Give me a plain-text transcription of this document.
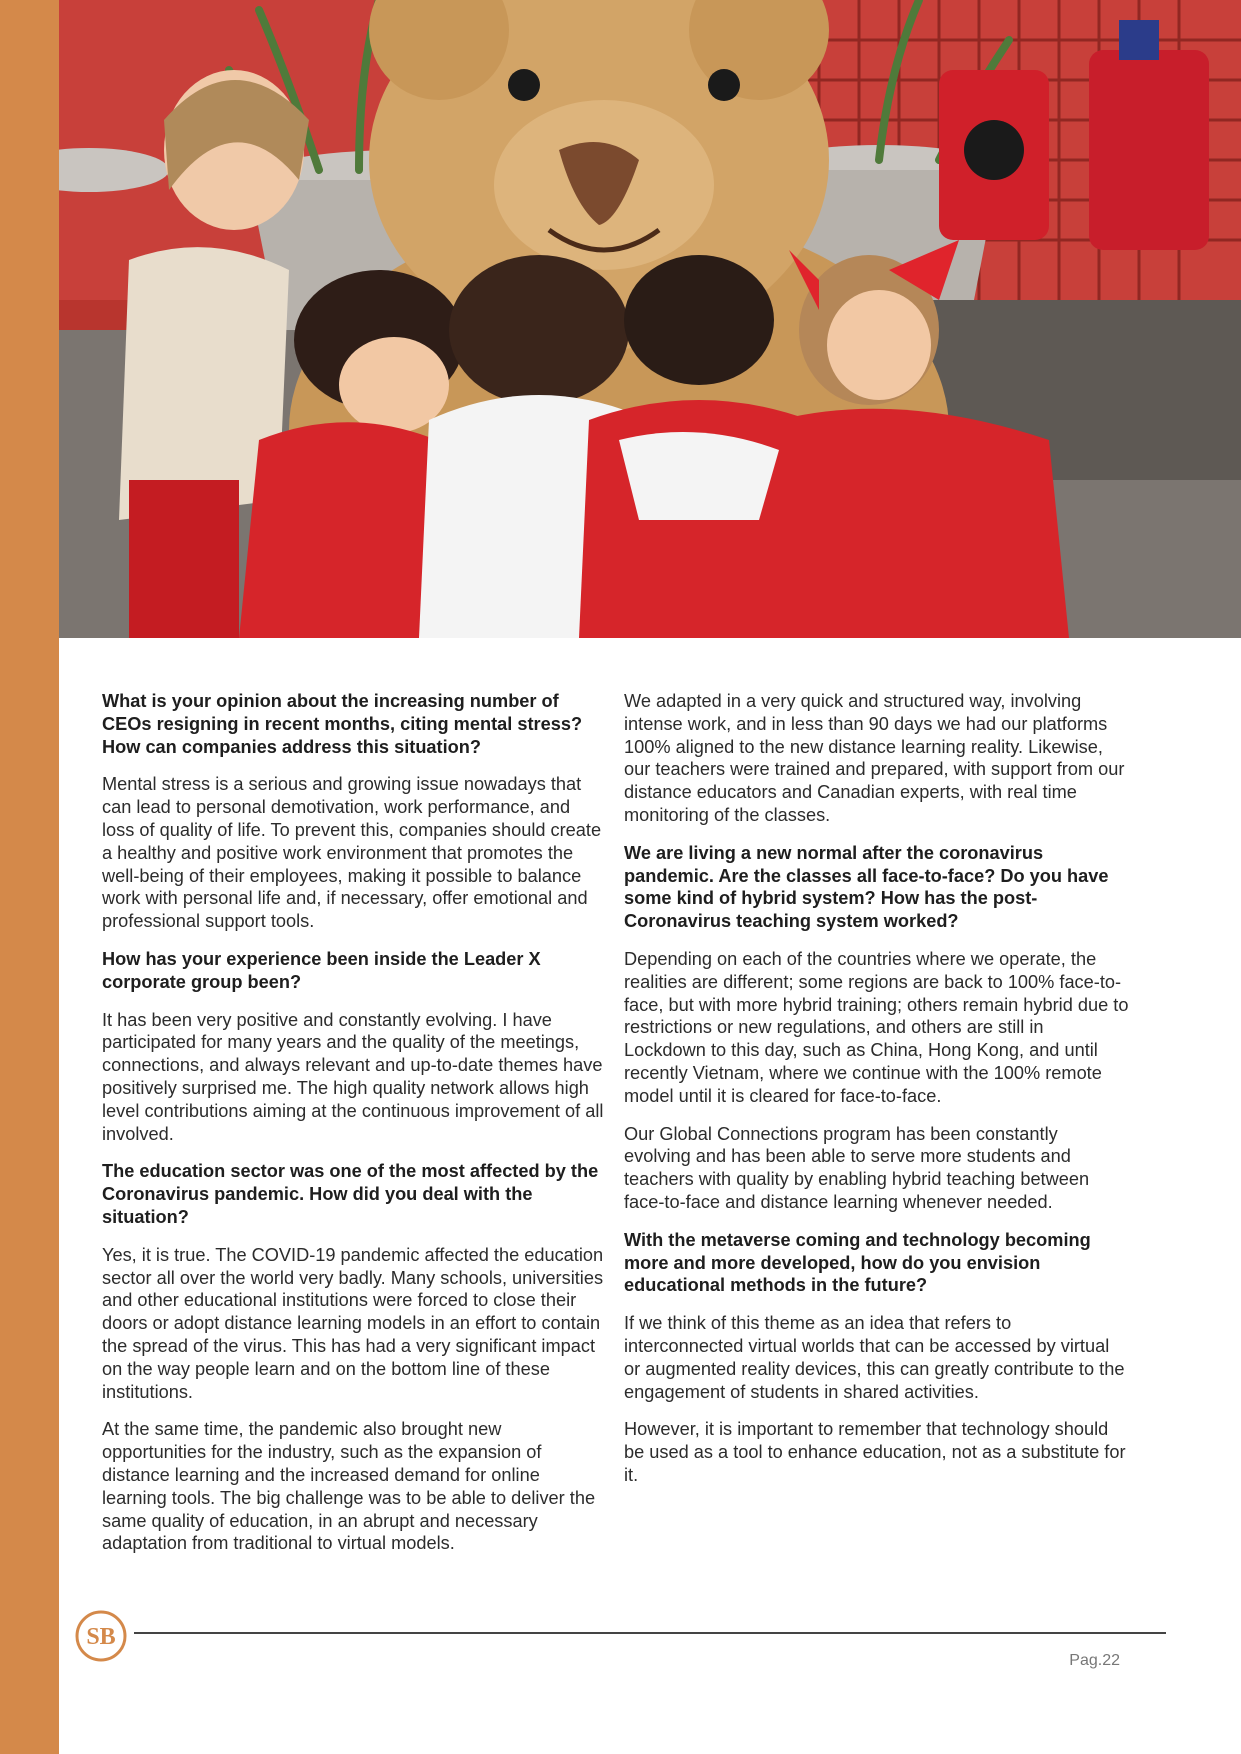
What is your opinion about the increasing number of CEOs resigning in recent months, citing mental stress? How can companies address this situation?

Mental stress is a serious and growing issue nowadays that can lead to personal demotivation, work performance, and loss of quality of life. To prevent this, companies should create a healthy and positive work environment that promotes the well-being of their employees, making it possible to balance work with personal life and, if necessary, offer emotional and professional support tools.

How has your experience been inside the Leader X corporate group been?

It has been very positive and constantly evolving. I have participated for many years and the quality of the meetings, connections, and always relevant and up-to-date themes have positively surprised me. The high quality network allows high level contributions aiming at the continuous improvement of all involved.

The education sector was one of the most affected by the Coronavirus pandemic. How did you deal with the situation?

Yes, it is true. The COVID-19 pandemic affected the education sector all over the world very badly. Many schools, universities and other educational institutions were forced to close their doors or adopt distance learning models in an effort to contain the spread of the virus. This has had a very significant impact on the way people learn and on the bottom line of these institutions.

At the same time, the pandemic also brought new opportunities for the industry, such as the expansion of distance learning and the increased demand for online learning tools. The big challenge was to be able to deliver the same quality of education, in an abrupt and necessary adaptation from traditional to virtual models.

We adapted in a very quick and structured way, involving intense work, and in less than 90 days we had our platforms 100% aligned to the new distance learning reality. Likewise, our teachers were trained and prepared, with support from our distance educators and Canadian experts, with real time monitoring of the classes.

We are living a new normal after the coronavirus pandemic. Are the classes all face-to-face? Do you have some kind of hybrid system? How has the post-Coronavirus teaching system worked?

Depending on each of the countries where we operate, the realities are different; some regions are back to 100% face-to-face, but with more hybrid training; others remain hybrid due to restrictions or new regulations, and others are still in Lockdown to this day, such as China, Hong Kong, and until recently Vietnam, where we continue with the 100% remote model until it is cleared for face-to-face.

Our Global Connections program has been constantly evolving and has been able to serve more students and teachers with quality by enabling hybrid teaching between face-to-face and distance learning whenever needed.

With the metaverse coming and technology becoming more and more developed, how do you envision educational methods in the future?

If we think of this theme as an idea that refers to interconnected virtual worlds that can be accessed by virtual or augmented reality devices, this can greatly contribute to the engagement of students in shared activities.

However, it is important to remember that technology should be used as a tool to enhance education, not as a substitute for it.

SB
Pag.22
